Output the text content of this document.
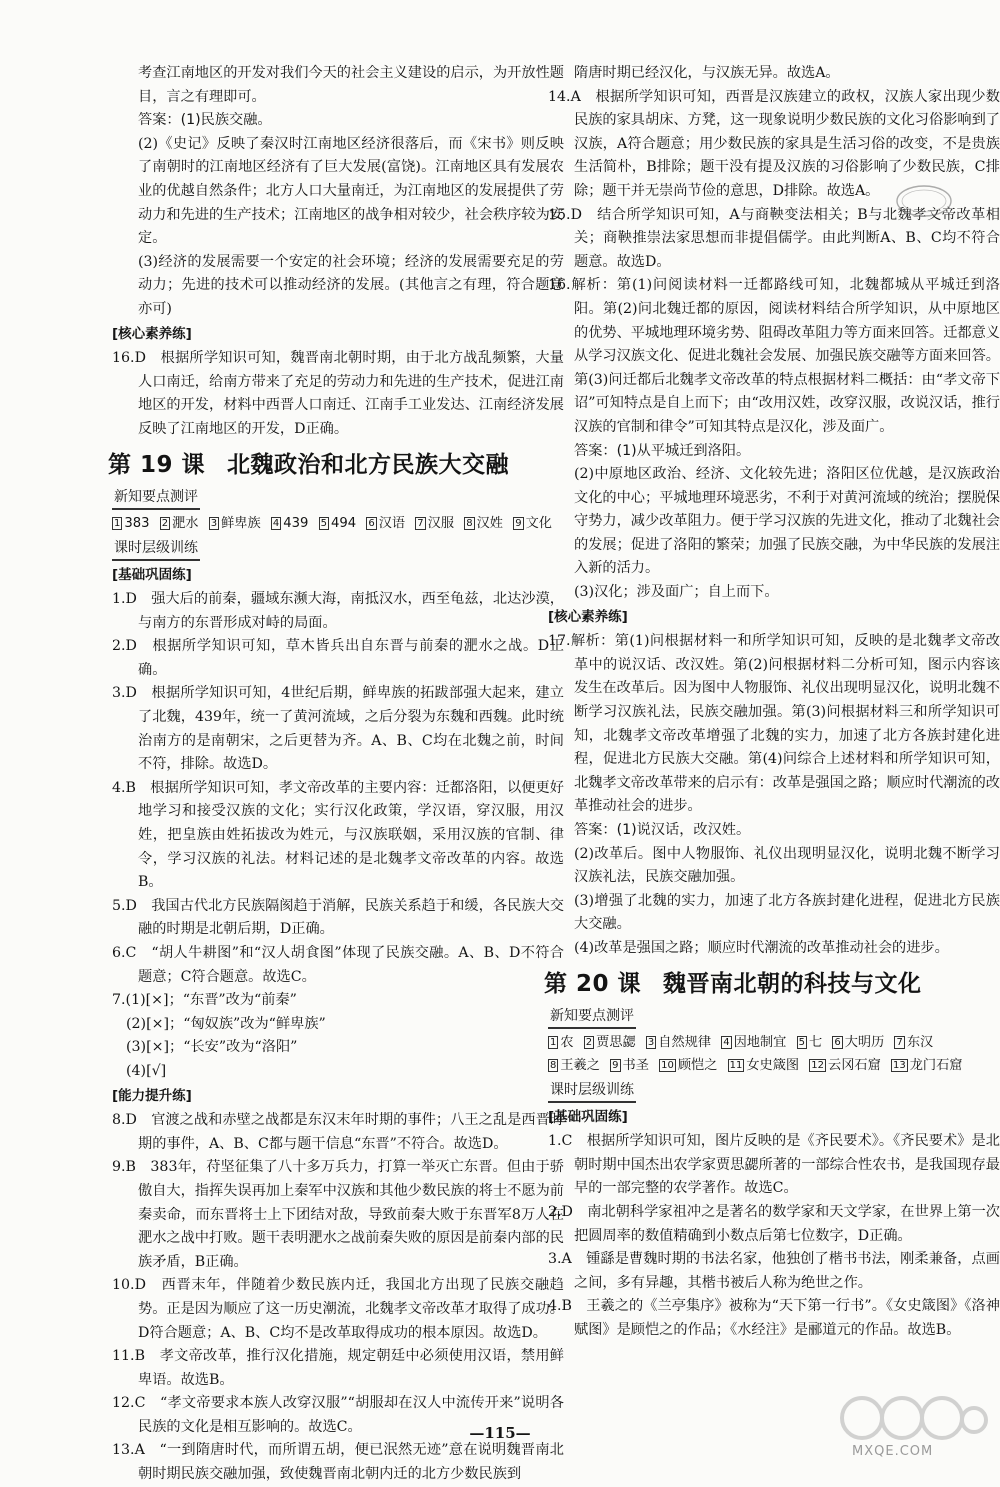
考查江南地区的开发对我们今天的社会主义建设的启示，为开放性题目，言之有理即可。

答案：(1)民族交融。

(2)《史记》反映了秦汉时江南地区经济很落后，而《宋书》则反映了南朝时的江南地区经济有了巨大发展(富饶)。江南地区具有发展农业的优越自然条件；北方人口大量南迁，为江南地区的发展提供了劳动力和先进的生产技术；江南地区的战争相对较少，社会秩序较为安定。

(3)经济的发展需要一个安定的社会环境；经济的发展需要充足的劳动力；先进的技术可以推动经济的发展。(其他言之有理，符合题意亦可)

[核心素养练]

16.D　根据所学知识可知，魏晋南北朝时期，由于北方战乱频繁，大量人口南迁，给南方带来了充足的劳动力和先进的生产技术，促进江南地区的开发，材料中西晋人口南迁、江南手工业发达、江南经济发展反映了江南地区的开发，D正确。

第 19 课 北魏政治和北方民族大交融
新知要点测评
1 383 2 淝水 3 鲜卑族 4 439 5 494 6 汉语 7 汉服 8 汉姓 9 文化
课时层级训练

[基础巩固练]

1.D　强大后的前秦，疆域东濒大海，南抵汉水，西至龟兹，北达沙漠，与南方的东晋形成对峙的局面。

2.D　根据所学知识可知，草木皆兵出自东晋与前秦的淝水之战。D正确。

3.D　根据所学知识可知，4世纪后期，鲜卑族的拓跋部强大起来，建立了北魏，439年，统一了黄河流域，之后分裂为东魏和西魏。此时统治南方的是南朝宋，之后更替为齐。A、B、C均在北魏之前，时间不符，排除。故选D。

4.B　根据所学知识可知，孝文帝改革的主要内容：迁都洛阳，以便更好地学习和接受汉族的文化；实行汉化政策，学汉语，穿汉服，用汉姓，把皇族由姓拓拔改为姓元，与汉族联姻，采用汉族的官制、律令，学习汉族的礼法。材料记述的是北魏孝文帝改革的内容。故选B。

5.D　我国古代北方民族隔阂趋于消解，民族关系趋于和缓，各民族大交融的时期是北朝后期，D正确。

6.C　“胡人牛耕图”和“汉人胡食图”体现了民族交融。A、B、D不符合题意；C符合题意。故选C。

7.(1)[×]；“东晋”改为“前秦”

(2)[×]；“匈奴族”改为“鲜卑族”

(3)[×]；“长安”改为“洛阳”

(4)[√]

[能力提升练]

8.D　官渡之战和赤壁之战都是东汉末年时期的事件；八王之乱是西晋时期的事件，A、B、C都与题干信息“东晋”不符合。故选D。

9.B　383年，苻坚征集了八十多万兵力，打算一举灭亡东晋。但由于骄傲自大，指挥失误再加上秦军中汉族和其他少数民族的将士不愿为前秦卖命，而东晋将士上下团结对敌，导致前秦大败于东晋军8万人在淝水之战中打败。题干表明淝水之战前秦失败的原因是前秦内部的民族矛盾，B正确。

10.D　西晋末年，伴随着少数民族内迁，我国北方出现了民族交融趋势。正是因为顺应了这一历史潮流，北魏孝文帝改革才取得了成功。D符合题意；A、B、C均不是改革取得成功的根本原因。故选D。

11.B　孝文帝改革，推行汉化措施，规定朝廷中必须使用汉语，禁用鲜卑语。故选B。

12.C　“孝文帝要求本族人改穿汉服”“胡服却在汉人中流传开来”说明各民族的文化是相互影响的。故选C。

13.A　“一到隋唐时代，而所谓五胡，便已泯然无迹”意在说明魏晋南北朝时期民族交融加强，致使魏晋南北朝内迁的北方少数民族到

隋唐时期已经汉化，与汉族无异。故选A。

14.A　根据所学知识可知，西晋是汉族建立的政权，汉族人家出现少数民族的家具胡床、方凳，这一现象说明少数民族的文化习俗影响到了汉族，A符合题意；用少数民族的家具是生活习俗的改变，不是贵族生活简朴，B排除；题干没有提及汉族的习俗影响了少数民族，C排除；题干并无崇尚节俭的意思，D排除。故选A。

15.D　结合所学知识可知，A与商鞅变法相关；B与北魏孝文帝改革相关；商鞅推崇法家思想而非提倡儒学。由此判断A、B、C均不符合题意。故选D。

16.解析：第(1)问阅读材料一迁都路线可知，北魏都城从平城迁到洛阳。第(2)问北魏迁都的原因，阅读材料结合所学知识，从中原地区的优势、平城地理环境劣势、阻碍改革阻力等方面来回答。迁都意义从学习汉族文化、促进北魏社会发展、加强民族交融等方面来回答。第(3)问迁都后北魏孝文帝改革的特点根据材料二概括：由“孝文帝下诏”可知特点是自上而下；由“改用汉姓，改穿汉服，改说汉话，推行汉族的官制和律令”可知其特点是汉化，涉及面广。

答案：(1)从平城迁到洛阳。

(2)中原地区政治、经济、文化较先进；洛阳区位优越，是汉族政治文化的中心；平城地理环境恶劣，不利于对黄河流域的统治；摆脱保守势力，减少改革阻力。便于学习汉族的先进文化，推动了北魏社会的发展；促进了洛阳的繁荣；加强了民族交融，为中华民族的发展注入新的活力。

(3)汉化；涉及面广；自上而下。

[核心素养练]

17.解析：第(1)问根据材料一和所学知识可知，反映的是北魏孝文帝改革中的说汉话、改汉姓。第(2)问根据材料二分析可知，图示内容该发生在改革后。因为图中人物服饰、礼仪出现明显汉化，说明北魏不断学习汉族礼法，民族交融加强。第(3)问根据材料三和所学知识可知，北魏孝文帝改革增强了北魏的实力，加速了北方各族封建化进程，促进北方民族大交融。第(4)问综合上述材料和所学知识可知，北魏孝文帝改革带来的启示有：改革是强国之路；顺应时代潮流的改革推动社会的进步。

答案：(1)说汉话，改汉姓。

(2)改革后。图中人物服饰、礼仪出现明显汉化，说明北魏不断学习汉族礼法，民族交融加强。

(3)增强了北魏的实力，加速了北方各族封建化进程，促进北方民族大交融。

(4)改革是强国之路；顺应时代潮流的改革推动社会的进步。

第 20 课 魏晋南北朝的科技与文化
新知要点测评
1 农 2 贾思勰 3 自然规律 4 因地制宜 5 七 6 大明历 7 东汉 8 王羲之 9 书圣 10 顾恺之 11 女史箴图 12 云冈石窟 13 龙门石窟
课时层级训练

[基础巩固练]

1.C　根据所学知识可知，图片反映的是《齐民要术》。《齐民要术》是北朝时期中国杰出农学家贾思勰所著的一部综合性农书，是我国现存最早的一部完整的农学著作。故选C。

2.D　南北朝科学家祖冲之是著名的数学家和天文学家，在世界上第一次把圆周率的数值精确到小数点后第七位数字，D正确。

3.A　锺繇是曹魏时期的书法名家，他独创了楷书书法，刚柔兼备，点画之间，多有异趣，其楷书被后人称为绝世之作。

4.B　王羲之的《兰亭集序》被称为“天下第一行书”。《女史箴图》《洛神赋图》是顾恺之的作品；《水经注》是郦道元的作品。故选B。

—115—
MXQE.COM
